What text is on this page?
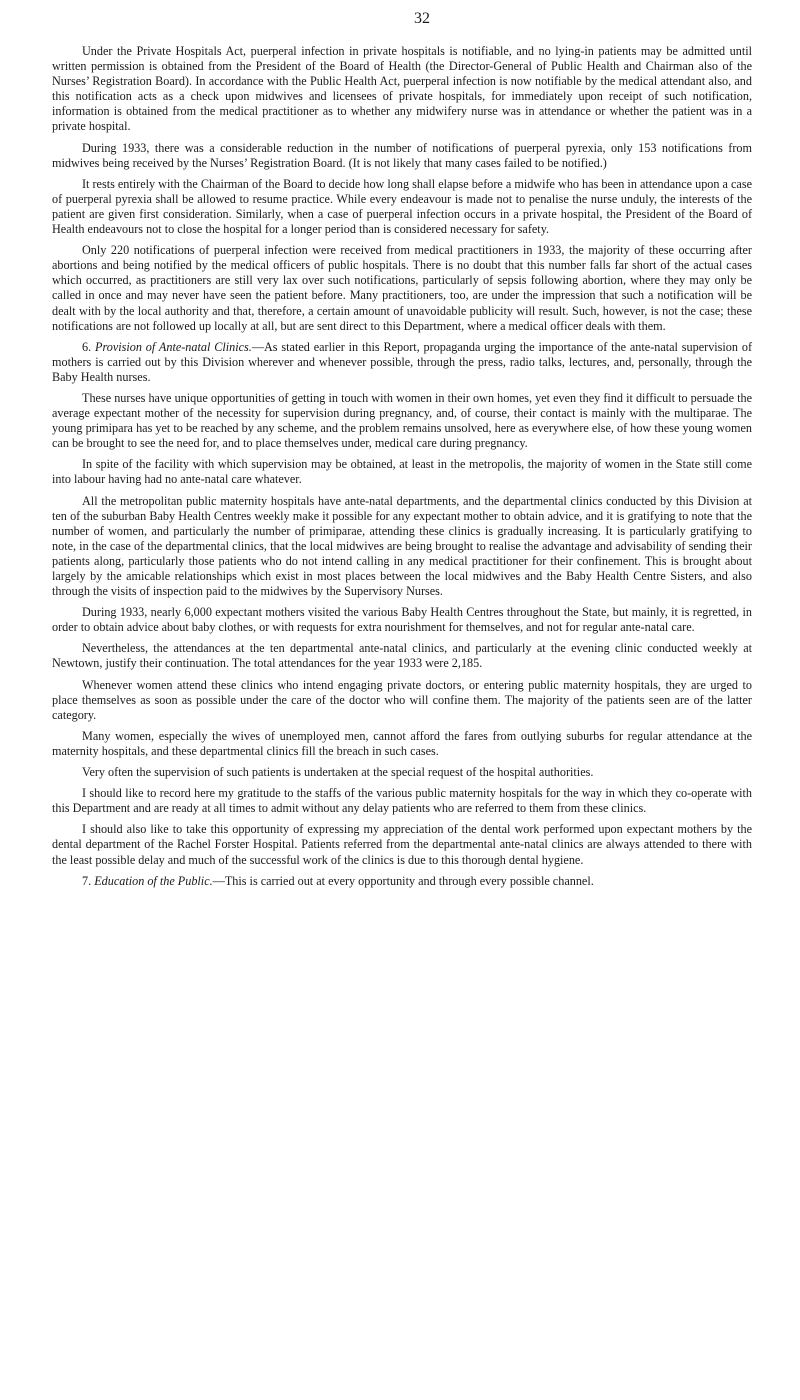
32

Under the Private Hospitals Act, puerperal infection in private hospitals is notifiable, and no lying-in patients may be admitted until written permission is obtained from the President of the Board of Health (the Director-General of Public Health and Chairman also of the Nurses’ Registration Board). In accordance with the Public Health Act, puerperal infection is now notifiable by the medical attendant also, and this notification acts as a check upon midwives and licensees of private hospitals, for immediately upon receipt of such notification, information is obtained from the medical practitioner as to whether any midwifery nurse was in attendance or whether the patient was in a private hospital.

During 1933, there was a considerable reduction in the number of notifications of puerperal pyrexia, only 153 notifications from midwives being received by the Nurses’ Registration Board. (It is not likely that many cases failed to be notified.)

It rests entirely with the Chairman of the Board to decide how long shall elapse before a midwife who has been in attendance upon a case of puerperal pyrexia shall be allowed to resume practice. While every endeavour is made not to penalise the nurse unduly, the interests of the patient are given first consideration. Similarly, when a case of puerperal infection occurs in a private hospital, the President of the Board of Health endeavours not to close the hospital for a longer period than is considered necessary for safety.

Only 220 notifications of puerperal infection were received from medical practitioners in 1933, the majority of these occurring after abortions and being notified by the medical officers of public hospitals. There is no doubt that this number falls far short of the actual cases which occurred, as practitioners are still very lax over such notifications, particularly of sepsis following abortion, where they may only be called in once and may never have seen the patient before. Many practitioners, too, are under the impression that such a notification will be dealt with by the local authority and that, therefore, a certain amount of unavoidable publicity will result. Such, however, is not the case; these notifications are not followed up locally at all, but are sent direct to this Department, where a medical officer deals with them.

6. Provision of Ante-natal Clinics.—As stated earlier in this Report, propaganda urging the importance of the ante-natal supervision of mothers is carried out by this Division wherever and whenever possible, through the press, radio talks, lectures, and, personally, through the Baby Health nurses.

These nurses have unique opportunities of getting in touch with women in their own homes, yet even they find it difficult to persuade the average expectant mother of the necessity for supervision during pregnancy, and, of course, their contact is mainly with the multiparae. The young primipara has yet to be reached by any scheme, and the problem remains unsolved, here as everywhere else, of how these young women can be brought to see the need for, and to place themselves under, medical care during pregnancy.

In spite of the facility with which supervision may be obtained, at least in the metropolis, the majority of women in the State still come into labour having had no ante-natal care whatever.

All the metropolitan public maternity hospitals have ante-natal departments, and the departmental clinics conducted by this Division at ten of the suburban Baby Health Centres weekly make it possible for any expectant mother to obtain advice, and it is gratifying to note that the number of women, and particularly the number of primiparae, attending these clinics is gradually increasing. It is particularly gratifying to note, in the case of the departmental clinics, that the local midwives are being brought to realise the advantage and advisability of sending their patients along, particularly those patients who do not intend calling in any medical practitioner for their confinement. This is brought about largely by the amicable relationships which exist in most places between the local midwives and the Baby Health Centre Sisters, and also through the visits of inspection paid to the midwives by the Supervisory Nurses.

During 1933, nearly 6,000 expectant mothers visited the various Baby Health Centres throughout the State, but mainly, it is regretted, in order to obtain advice about baby clothes, or with requests for extra nourishment for themselves, and not for regular ante-natal care.

Nevertheless, the attendances at the ten departmental ante-natal clinics, and particularly at the evening clinic conducted weekly at Newtown, justify their continuation. The total attendances for the year 1933 were 2,185.

Whenever women attend these clinics who intend engaging private doctors, or entering public maternity hospitals, they are urged to place themselves as soon as possible under the care of the doctor who will confine them. The majority of the patients seen are of the latter category.

Many women, especially the wives of unemployed men, cannot afford the fares from outlying suburbs for regular attendance at the maternity hospitals, and these departmental clinics fill the breach in such cases.

Very often the supervision of such patients is undertaken at the special request of the hospital authorities.

I should like to record here my gratitude to the staffs of the various public maternity hospitals for the way in which they co-operate with this Department and are ready at all times to admit without any delay patients who are referred to them from these clinics.

I should also like to take this opportunity of expressing my appreciation of the dental work performed upon expectant mothers by the dental department of the Rachel Forster Hospital. Patients referred from the departmental ante-natal clinics are always attended to there with the least possible delay and much of the successful work of the clinics is due to this thorough dental hygiene.

7. Education of the Public.—This is carried out at every opportunity and through every possible channel.
